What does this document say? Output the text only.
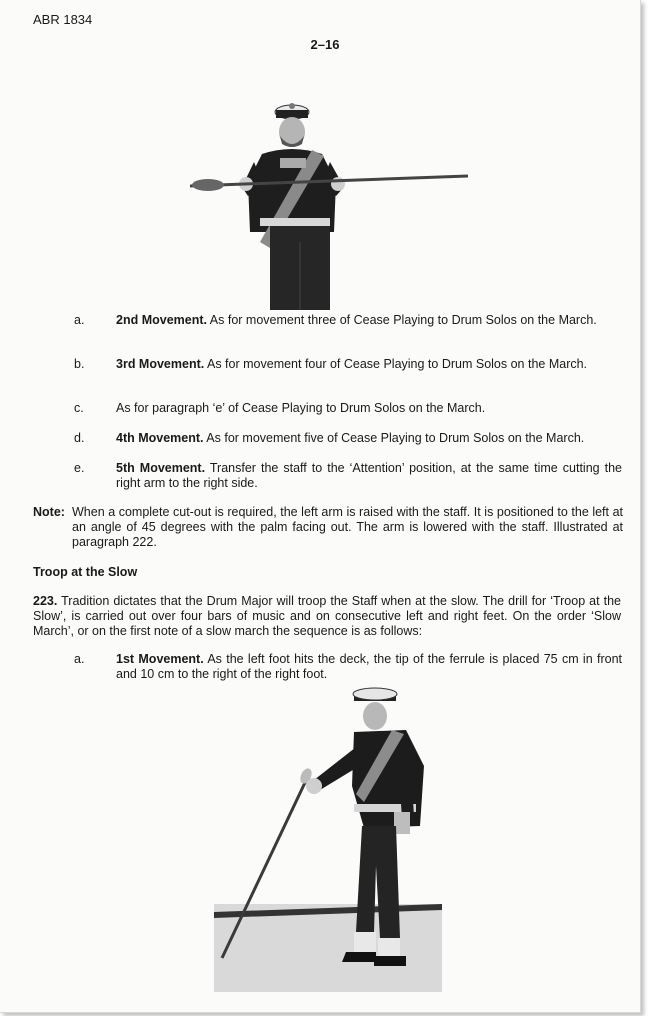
ABR 1834
2–16
a.	2nd Movement. As for movement three of Cease Playing to Drum Solos on the March.
b.	3rd Movement. As for movement four of Cease Playing to Drum Solos on the March.
c.	As for paragraph ‘e’ of Cease Playing to Drum Solos on the March.
d.	4th Movement. As for movement five of Cease Playing to Drum Solos on the March.
e.	5th Movement. Transfer the staff to the ‘Attention’ position, at the same time cutting the right arm to the right side.
Note: When a complete cut-out is required, the left arm is raised with the staff. It is positioned to the left at an angle of 45 degrees with the palm facing out. The arm is lowered with the staff. Illustrated at paragraph 222.
Troop at the Slow
223. Tradition dictates that the Drum Major will troop the Staff when at the slow. The drill for ‘Troop at the Slow’, is carried out over four bars of music and on consecutive left and right feet. On the order ‘Slow March’, or on the first note of a slow march the sequence is as follows:
a.	1st Movement. As the left foot hits the deck, the tip of the ferrule is placed 75 cm in front and 10 cm to the right of the right foot.
